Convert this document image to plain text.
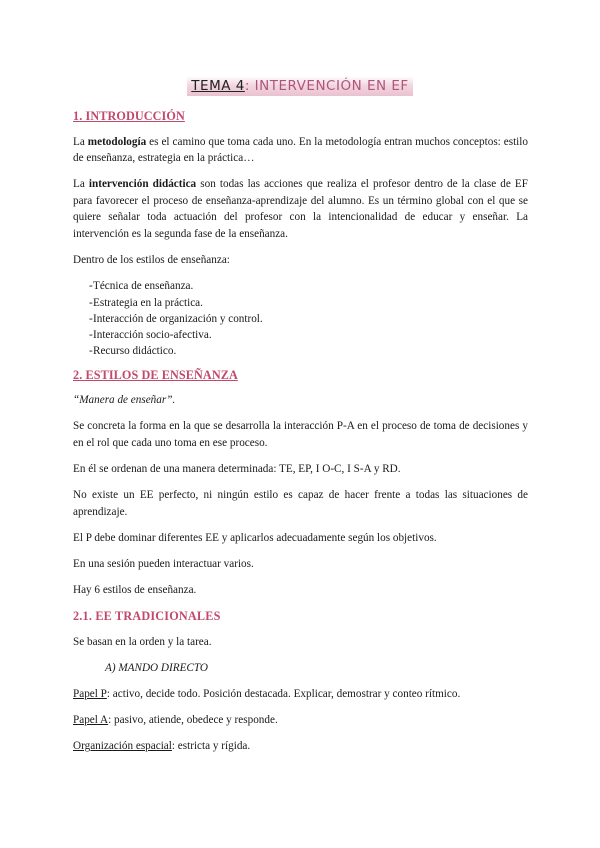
TEMA 4: INTERVENCIÓN EN EF
1. INTRODUCCIÓN

La metodología es el camino que toma cada uno. En la metodología entran muchos conceptos: estilo de enseñanza, estrategia en la práctica…

La intervención didáctica son todas las acciones que realiza el profesor dentro de la clase de EF para favorecer el proceso de enseñanza-aprendizaje del alumno. Es un término global con el que se quiere señalar toda actuación del profesor con la intencionalidad de educar y enseñar. La intervención es la segunda fase de la enseñanza.

Dentro de los estilos de enseñanza:

- Técnica de enseñanza.
- Estrategia en la práctica.
- Interacción de organización y control.
- Interacción socio-afectiva.
- Recurso didáctico.
2. ESTILOS DE ENSEÑANZA

“Manera de enseñar”.

Se concreta la forma en la que se desarrolla la interacción P-A en el proceso de toma de decisiones y en el rol que cada uno toma en ese proceso.

En él se ordenan de una manera determinada: TE, EP, I O-C, I S-A y RD.

No existe un EE perfecto, ni ningún estilo es capaz de hacer frente a todas las situaciones de aprendizaje.

El P debe dominar diferentes EE y aplicarlos adecuadamente según los objetivos.

En una sesión pueden interactuar varios.

Hay 6 estilos de enseñanza.

2.1. EE TRADICIONALES

Se basan en la orden y la tarea.

A) MANDO DIRECTO

Papel P: activo, decide todo. Posición destacada. Explicar, demostrar y conteo rítmico.

Papel A: pasivo, atiende, obedece y responde.

Organización espacial: estricta y rígida.
